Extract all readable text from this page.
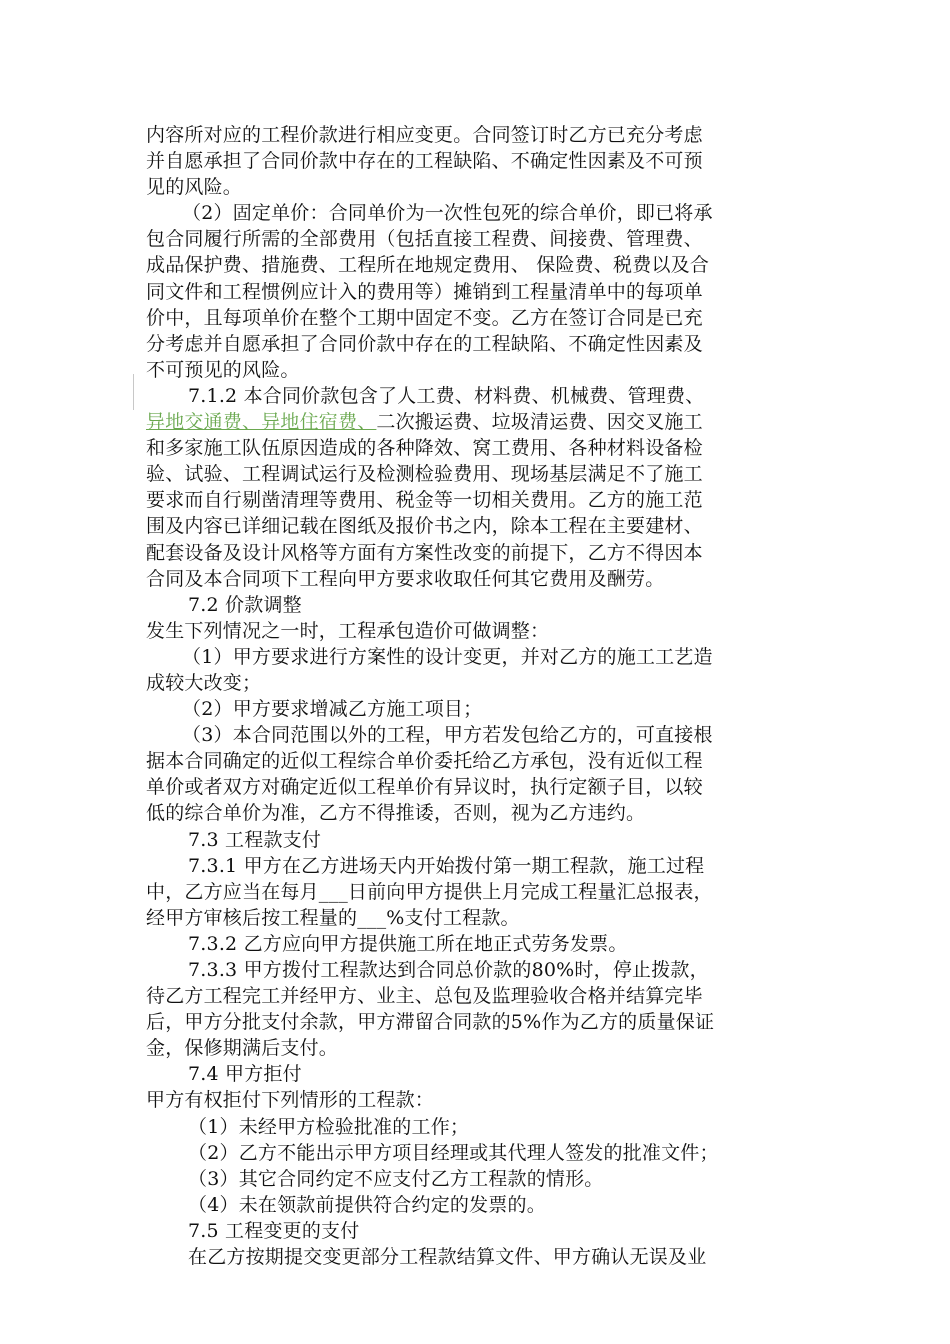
内容所对应的工程价款进行相应变更。合同签订时乙方已充分考虑
并自愿承担了合同价款中存在的工程缺陷、不确定性因素及不可预
见的风险。
（2）固定单价：合同单价为一次性包死的综合单价，即已将承
包合同履行所需的全部费用（包括直接工程费、间接费、管理费、
成品保护费、措施费、工程所在地规定费用、 保险费、税费以及合
同文件和工程惯例应计入的费用等）摊销到工程量清单中的每项单
价中，且每项单价在整个工期中固定不变。乙方在签订合同是已充
分考虑并自愿承担了合同价款中存在的工程缺陷、不确定性因素及
不可预见的风险。
7.1.2 本合同价款包含了人工费、材料费、机械费、管理费、
异地交通费、异地住宿费、二次搬运费、垃圾清运费、因交叉施工
和多家施工队伍原因造成的各种降效、窝工费用、各种材料设备检
验、试验、工程调试运行及检测检验费用、现场基层满足不了施工
要求而自行剔凿清理等费用、税金等一切相关费用。乙方的施工范
围及内容已详细记载在图纸及报价书之内，除本工程在主要建材、
配套设备及设计风格等方面有方案性改变的前提下，乙方不得因本
合同及本合同项下工程向甲方要求收取任何其它费用及酬劳。
7.2 价款调整
发生下列情况之一时，工程承包造价可做调整：
（1）甲方要求进行方案性的设计变更，并对乙方的施工工艺造
成较大改变；
（2）甲方要求增减乙方施工项目；
（3）本合同范围以外的工程，甲方若发包给乙方的，可直接根
据本合同确定的近似工程综合单价委托给乙方承包，没有近似工程
单价或者双方对确定近似工程单价有异议时，执行定额子目，以较
低的综合单价为准，乙方不得推诿，否则，视为乙方违约。
7.3 工程款支付
7.3.1 甲方在乙方进场天内开始拨付第一期工程款，施工过程
中，乙方应当在每月___日前向甲方提供上月完成工程量汇总报表，
经甲方审核后按工程量的___%支付工程款。
7.3.2 乙方应向甲方提供施工所在地正式劳务发票。
7.3.3 甲方拨付工程款达到合同总价款的80%时，停止拨款，
待乙方工程完工并经甲方、业主、总包及监理验收合格并结算完毕
后，甲方分批支付余款，甲方滞留合同款的5%作为乙方的质量保证
金，保修期满后支付。
7.4 甲方拒付
甲方有权拒付下列情形的工程款：
（1）未经甲方检验批准的工作；
（2）乙方不能出示甲方项目经理或其代理人签发的批准文件；
（3）其它合同约定不应支付乙方工程款的情形。
（4）未在领款前提供符合约定的发票的。
7.5 工程变更的支付
在乙方按期提交变更部分工程款结算文件、甲方确认无误及业
